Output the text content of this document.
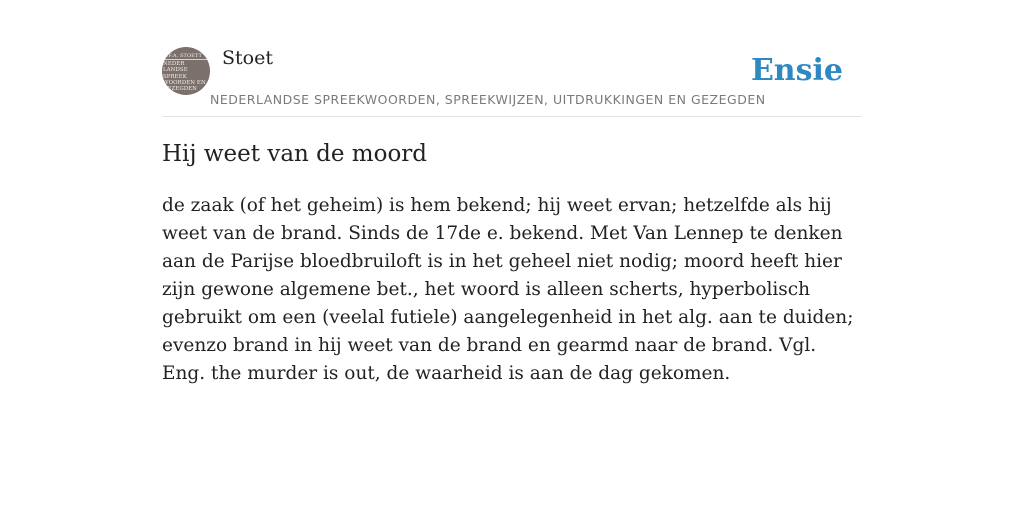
C.F.A. STOETT
NEDER
LANDSE
SPREEK
WOORDEN EN
GEZEGDEN
Stoet	Ensie
NEDERLANDSE SPREEKWOORDEN, SPREEKWIJZEN, UITDRUKKINGEN EN GEZEGDEN
Hij weet van de moord

de zaak (of het geheim) is hem bekend; hij weet ervan; hetzelfde als hij weet van de brand. Sinds de 17de e. bekend. Met Van Lennep te denken aan de Parijse bloedbruiloft is in het geheel niet nodig; moord heeft hier zijn gewone algemene bet., het woord is alleen scherts, hyperbolisch gebruikt om een (veelal futiele) aangelegenheid in het alg. aan te duiden; evenzo brand in hij weet van de brand en gearmd naar de brand. Vgl. Eng. the murder is out, de waarheid is aan de dag gekomen.
